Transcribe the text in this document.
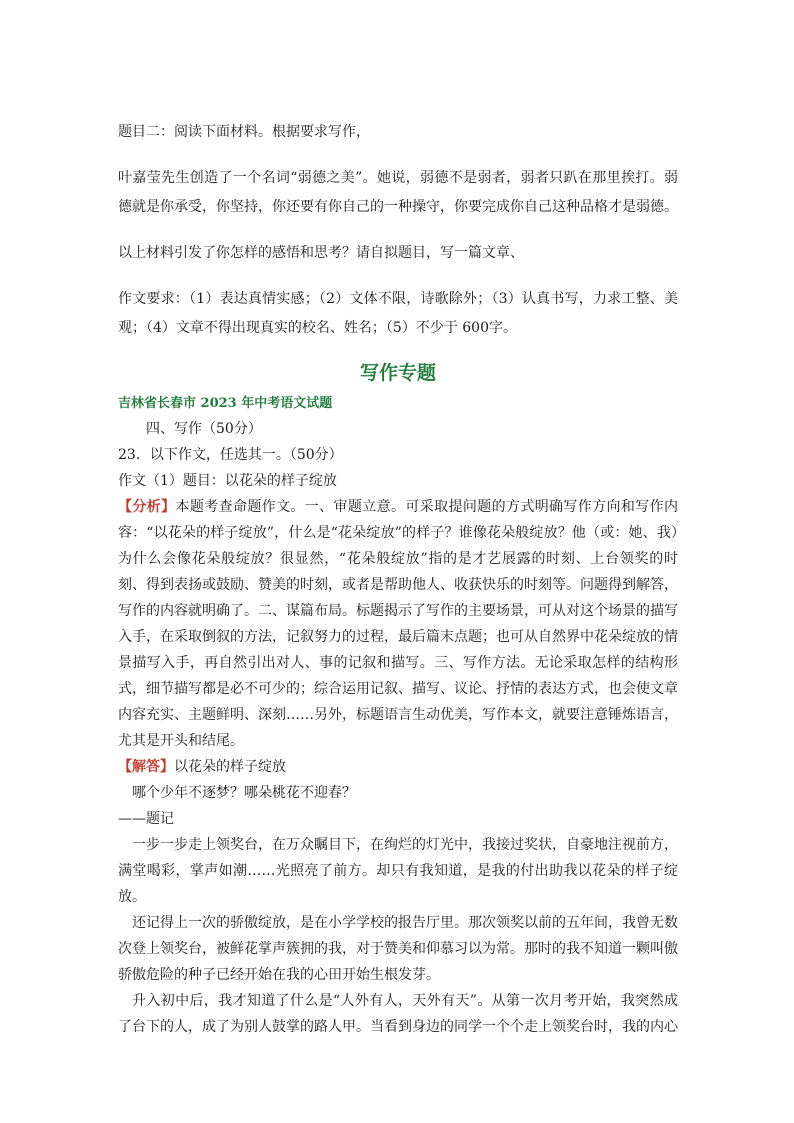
题目二：阅读下面材料。根据要求写作，

叶嘉莹先生创造了一个名词“弱德之美”。她说，弱德不是弱者，弱者只趴在那里挨打。弱德就是你承受，你坚持，你还要有你自己的一种操守，你要完成你自己这种品格才是弱德。

以上材料引发了你怎样的感悟和思考？请自拟题目，写一篇文章、

作文要求：（1）表达真情实感；（2）文体不限，诗歌除外；（3）认真书写，力求工整、美观；（4）文章不得出现真实的校名、姓名；（5）不少于 600字。

写作专题

吉林省长春市 2023 年中考语文试题

四、写作（50分）

23．以下作文，任选其一。（50分）

作文（1）题目：以花朵的样子绽放

【分析】本题考查命题作文。一、审题立意。可采取提问题的方式明确写作方向和写作内容：“以花朵的样子绽放”，什么是“花朵绽放”的样子？谁像花朵般绽放？他（或：她、我）为什么会像花朵般绽放？很显然，“花朵般绽放”指的是才艺展露的时刻、上台领奖的时刻、得到表扬或鼓励、赞美的时刻，或者是帮助他人、收获快乐的时刻等。问题得到解答，写作的内容就明确了。二、谋篇布局。标题揭示了写作的主要场景，可从对这个场景的描写入手，在采取倒叙的方法，记叙努力的过程，最后篇末点题；也可从自然界中花朵绽放的情景描写入手，再自然引出对人、事的记叙和描写。三、写作方法。无论采取怎样的结构形式，细节描写都是必不可少的；综合运用记叙、描写、议论、抒情的表达方式，也会使文章内容充实、主题鲜明、深刻……另外，标题语言生动优美，写作本文，就要注意锤炼语言，尤其是开头和结尾。

【解答】以花朵的样子绽放

哪个少年不逐梦？哪朵桃花不迎春？

——题记

一步一步走上领奖台，在万众瞩目下，在绚烂的灯光中，我接过奖状，自豪地注视前方，满堂喝彩，掌声如潮……光照亮了前方。却只有我知道，是我的付出助我以花朵的样子绽放。

还记得上一次的骄傲绽放，是在小学学校的报告厅里。那次领奖以前的五年间，我曾无数次登上领奖台，被鲜花掌声簇拥的我，对于赞美和仰慕习以为常。那时的我不知道一颗叫傲骄傲危险的种子已经开始在我的心田开始生根发芽。

升入初中后，我才知道了什么是“人外有人，天外有天”。从第一次月考开始，我突然成了台下的人，成了为别人鼓掌的路人甲。当看到身边的同学一个个走上领奖台时，我的内心
